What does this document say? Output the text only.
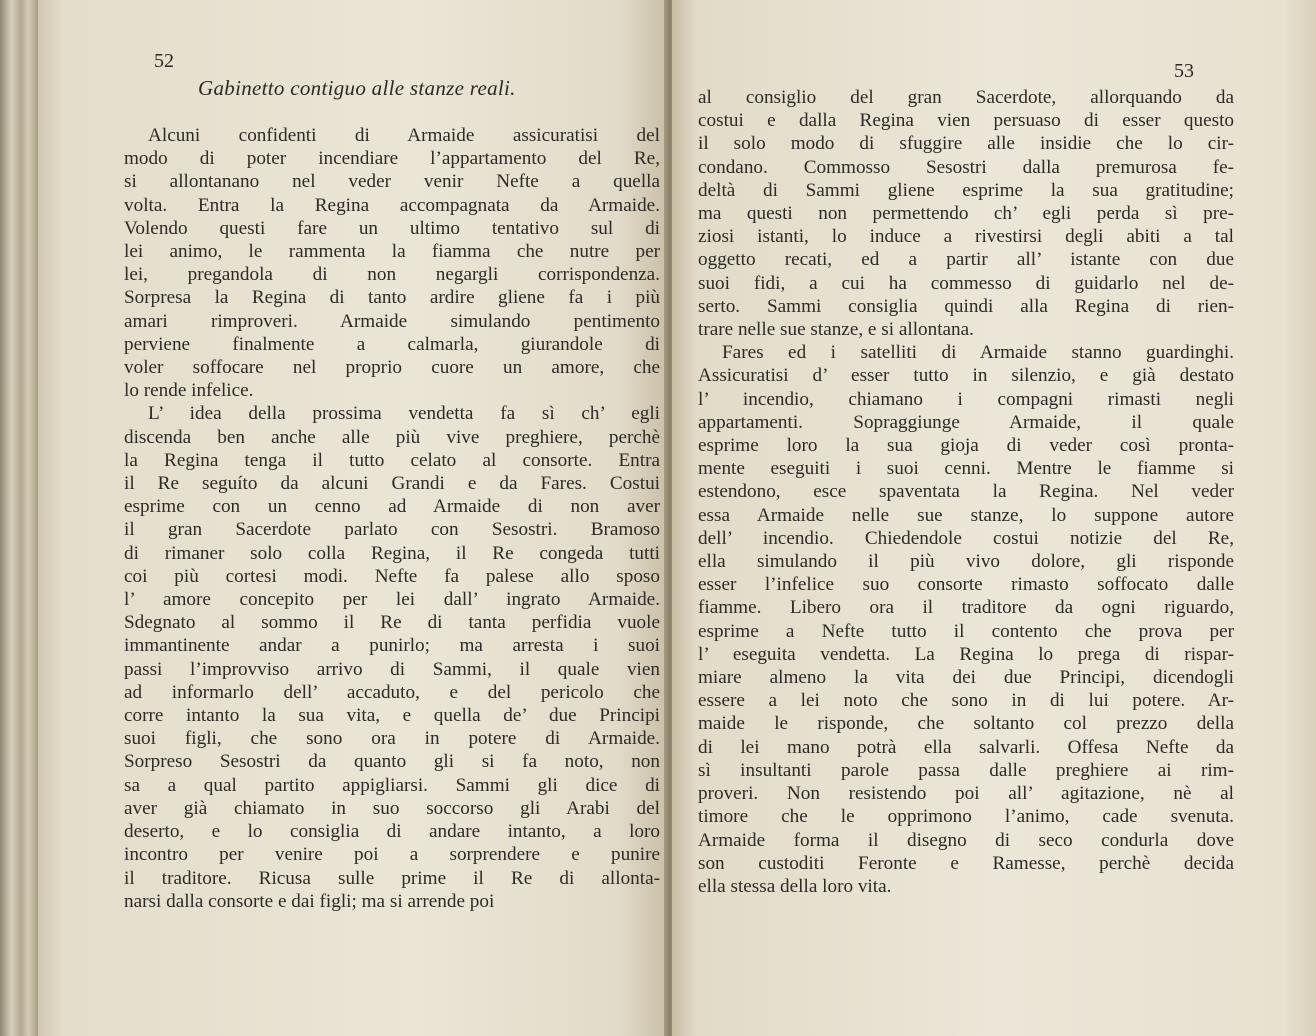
52
Gabinetto contiguo alle stanze reali.
Alcuni confidenti di Armaide assicuratisi del
modo di poter incendiare l’appartamento del Re,
si allontanano nel veder venir Nefte a quella
volta. Entra la Regina accompagnata da Armaide.
Volendo questi fare un ultimo tentativo sul di
lei animo, le rammenta la fiamma che nutre per
lei, pregandola di non negargli corrispondenza.
Sorpresa la Regina di tanto ardire gliene fa i più
amari rimproveri. Armaide simulando pentimento
perviene finalmente a calmarla, giurandole di
voler soffocare nel proprio cuore un amore, che
lo rende infelice.
L’ idea della prossima vendetta fa sì ch’ egli
discenda ben anche alle più vive preghiere, perchè
la Regina tenga il tutto celato al consorte. Entra
il Re seguíto da alcuni Grandi e da Fares. Costui
esprime con un cenno ad Armaide di non aver
il gran Sacerdote parlato con Sesostri. Bramoso
di rimaner solo colla Regina, il Re congeda tutti
coi più cortesi modi. Nefte fa palese allo sposo
l’ amore concepito per lei dall’ ingrato Armaide.
Sdegnato al sommo il Re di tanta perfidia vuole
immantinente andar a punirlo; ma arresta i suoi
passi l’improvviso arrivo di Sammi, il quale vien
ad informarlo dell’ accaduto, e del pericolo che
corre intanto la sua vita, e quella de’ due Principi
suoi figli, che sono ora in potere di Armaide.
Sorpreso Sesostri da quanto gli si fa noto, non
sa a qual partito appigliarsi. Sammi gli dice di
aver già chiamato in suo soccorso gli Arabi del
deserto, e lo consiglia di andare intanto, a loro
incontro per venire poi a sorprendere e punire
il traditore. Ricusa sulle prime il Re di allonta-
narsi dalla consorte e dai figli; ma si arrende poi
53
al consiglio del gran Sacerdote, allorquando da
costui e dalla Regina vien persuaso di esser questo
il solo modo di sfuggire alle insidie che lo cir-
condano. Commosso Sesostri dalla premurosa fe-
deltà di Sammi gliene esprime la sua gratitudine;
ma questi non permettendo ch’ egli perda sì pre-
ziosi istanti, lo induce a rivestirsi degli abiti a tal
oggetto recati, ed a partir all’ istante con due
suoi fidi, a cui ha commesso di guidarlo nel de-
serto. Sammi consiglia quindi alla Regina di rien-
trare nelle sue stanze, e si allontana.
Fares ed i satelliti di Armaide stanno guardinghi.
Assicuratisi d’ esser tutto in silenzio, e già destato
l’ incendio, chiamano i compagni rimasti negli
appartamenti. Sopraggiunge Armaide, il quale
esprime loro la sua gioja di veder così pronta-
mente eseguiti i suoi cenni. Mentre le fiamme si
estendono, esce spaventata la Regina. Nel veder
essa Armaide nelle sue stanze, lo suppone autore
dell’ incendio. Chiedendole costui notizie del Re,
ella simulando il più vivo dolore, gli risponde
esser l’infelice suo consorte rimasto soffocato dalle
fiamme. Libero ora il traditore da ogni riguardo,
esprime a Nefte tutto il contento che prova per
l’ eseguita vendetta. La Regina lo prega di rispar-
miare almeno la vita dei due Principi, dicendogli
essere a lei noto che sono in di lui potere. Ar-
maide le risponde, che soltanto col prezzo della
di lei mano potrà ella salvarli. Offesa Nefte da
sì insultanti parole passa dalle preghiere ai rim-
proveri. Non resistendo poi all’ agitazione, nè al
timore che le opprimono l’animo, cade svenuta.
Armaide forma il disegno di seco condurla dove
son custoditi Feronte e Ramesse, perchè decida
ella stessa della loro vita.
